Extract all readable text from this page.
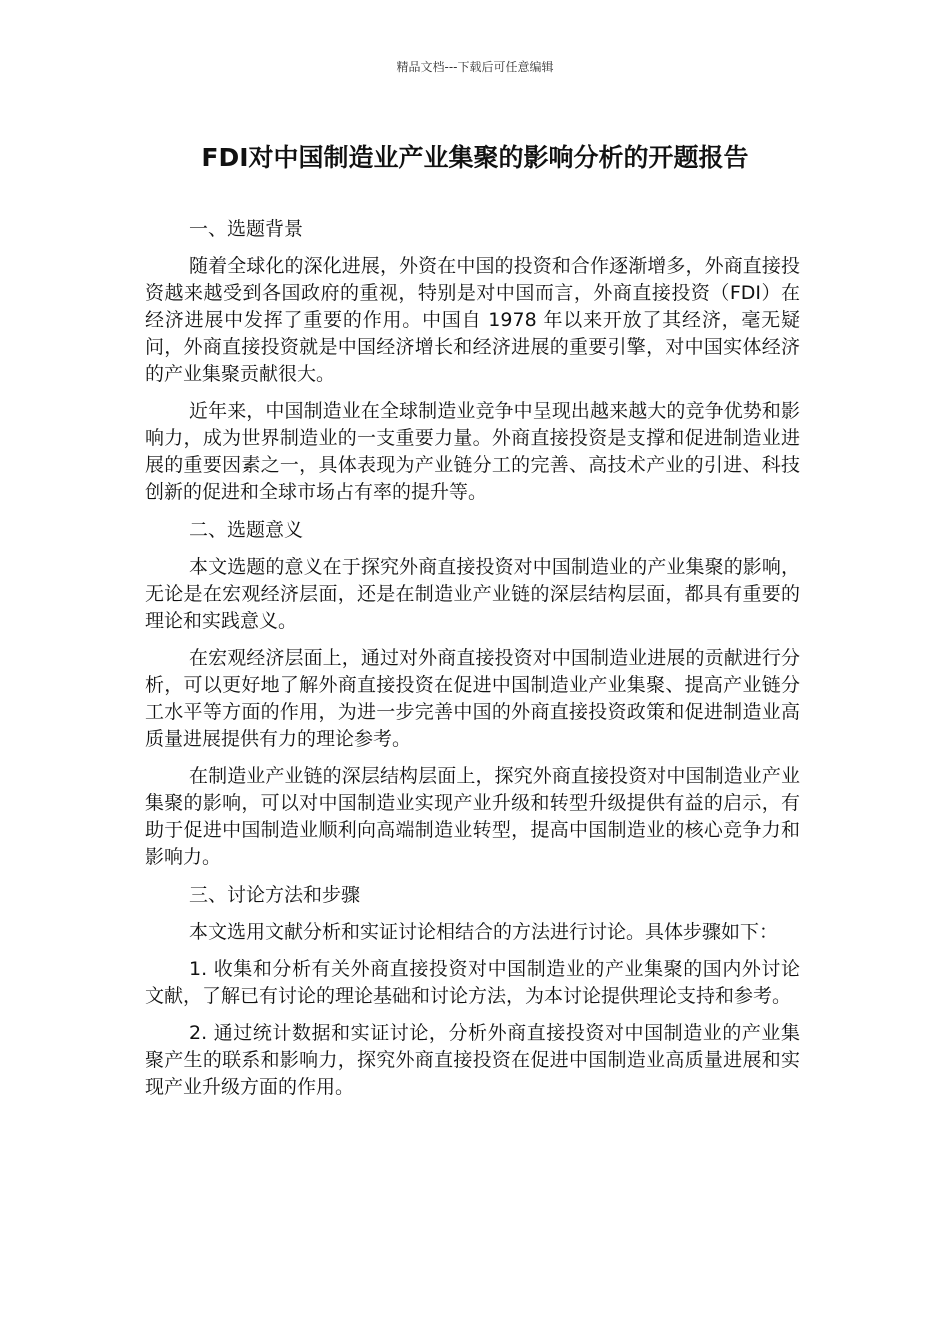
精品文档---下载后可任意编辑
FDI对中国制造业产业集聚的影响分析的开题报告

一、选题背景

随着全球化的深化进展，外资在中国的投资和合作逐渐增多，外商直接投资越来越受到各国政府的重视，特别是对中国而言，外商直接投资（FDI）在经济进展中发挥了重要的作用。中国自 1978 年以来开放了其经济，毫无疑问，外商直接投资就是中国经济增长和经济进展的重要引擎，对中国实体经济的产业集聚贡献很大。

近年来，中国制造业在全球制造业竞争中呈现出越来越大的竞争优势和影响力，成为世界制造业的一支重要力量。外商直接投资是支撑和促进制造业进展的重要因素之一，具体表现为产业链分工的完善、高技术产业的引进、科技创新的促进和全球市场占有率的提升等。

二、选题意义

本文选题的意义在于探究外商直接投资对中国制造业的产业集聚的影响，无论是在宏观经济层面，还是在制造业产业链的深层结构层面，都具有重要的理论和实践意义。

在宏观经济层面上，通过对外商直接投资对中国制造业进展的贡献进行分析，可以更好地了解外商直接投资在促进中国制造业产业集聚、提高产业链分工水平等方面的作用，为进一步完善中国的外商直接投资政策和促进制造业高质量进展提供有力的理论参考。

在制造业产业链的深层结构层面上，探究外商直接投资对中国制造业产业集聚的影响，可以对中国制造业实现产业升级和转型升级提供有益的启示，有助于促进中国制造业顺利向高端制造业转型，提高中国制造业的核心竞争力和影响力。

三、讨论方法和步骤

本文选用文献分析和实证讨论相结合的方法进行讨论。具体步骤如下：

1. 收集和分析有关外商直接投资对中国制造业的产业集聚的国内外讨论文献，了解已有讨论的理论基础和讨论方法，为本讨论提供理论支持和参考。

2. 通过统计数据和实证讨论，分析外商直接投资对中国制造业的产业集聚产生的联系和影响力，探究外商直接投资在促进中国制造业高质量进展和实现产业升级方面的作用。
